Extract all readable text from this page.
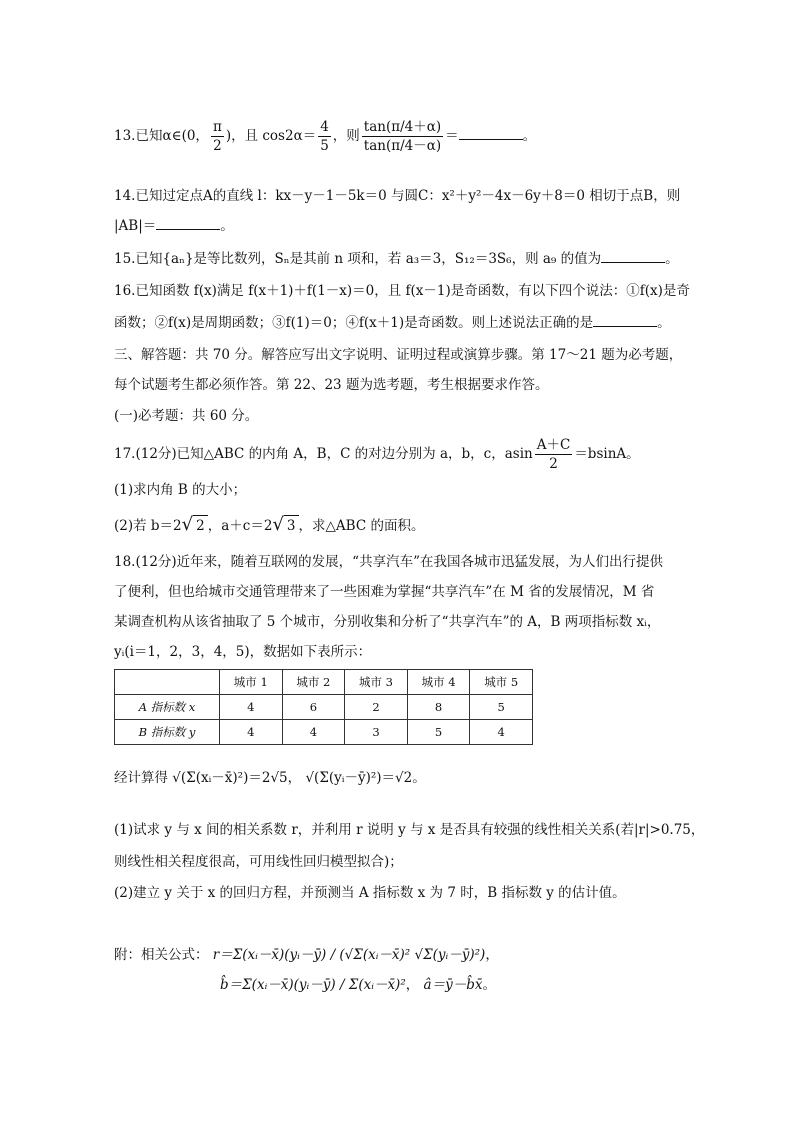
13.已知α∈(0， $\frac{\pi}{2}$ )，且 $\cos 2\alpha= \frac{4}{5}$ ，则 $\frac{\tan(\pi/4+\alpha)}{\tan(\pi/4-\alpha)}$ ＝	。
14.已知过定点A的直线 l：kx－y－1－5k＝0 与圆C：x²＋y²－4x－6y＋8＝0 相切于点B，则
|AB|＝	。
15.已知{aₙ}是等比数列，Sₙ是其前 n 项和，若 a₃＝3，S₁₂＝3S₆，则 a₉ 的值为	。
16.已知函数 f(x)满足 f(x＋1)＋f(1－x)＝0，且 f(x－1)是奇函数，有以下四个说法：①f(x)是奇
函数；②f(x)是周期函数；③f(1)＝0；④f(x＋1)是奇函数。则上述说法正确的是	。
三、解答题：共 70 分。解答应写出文字说明、证明过程或演算步骤。第 17～21 题为必考题，
每个试题考生都必须作答。第 22、23 题为选考题，考生根据要求作答。
(一)必考题：共 60 分。
17.(12分)已知△ABC 的内角 A，B，C 的对边分别为 a，b，c，asin $\frac{A+C}{2} =bsinA$。
(1)求内角 B 的大小；
(2)若 b＝2√ 2 ，a＋c＝2√ 3 ，求△ABC 的面积。
18.(12分)近年来，随着互联网的发展，“共享汽车”在我国各城市迅猛发展，为人们出行提供
了便利，但也给城市交通管理带来了一些困难为掌握“共享汽车”在 M 省的发展情况，M 省
某调查机构从该省抽取了 5 个城市，分别收集和分析了“共享汽车”的 A，B 两项指标数 xᵢ，
yᵢ(i＝1，2，3，4，5)，数据如下表所示：
	城市 1	城市 2	城市 3	城市 4	城市 5
A 指标数 x	4	6	2	8	5
B 指标数 y	4	4	3	5	4
经计算得 √(Σ(xᵢ－x̄)²)＝2√5， √(Σ(yᵢ－ȳ)²)＝√2。
(1)试求 y 与 x 间的相关系数 r，并利用 r 说明 y 与 x 是否具有较强的线性相关关系(若|r|>0.75，
则线性相关程度很高，可用线性回归模型拟合)；
(2)建立 y 关于 x 的回归方程，并预测当 A 指标数 x 为 7 时，B 指标数 y 的估计值。
附：相关公式： r＝Σ(xᵢ－x̄)(yᵢ－ȳ) / (√Σ(xᵢ－x̄)² √Σ(yᵢ－ȳ)²)，
b̂＝Σ(xᵢ－x̄)(yᵢ－ȳ) / Σ(xᵢ－x̄)²， â＝ȳ－b̂x̄。
